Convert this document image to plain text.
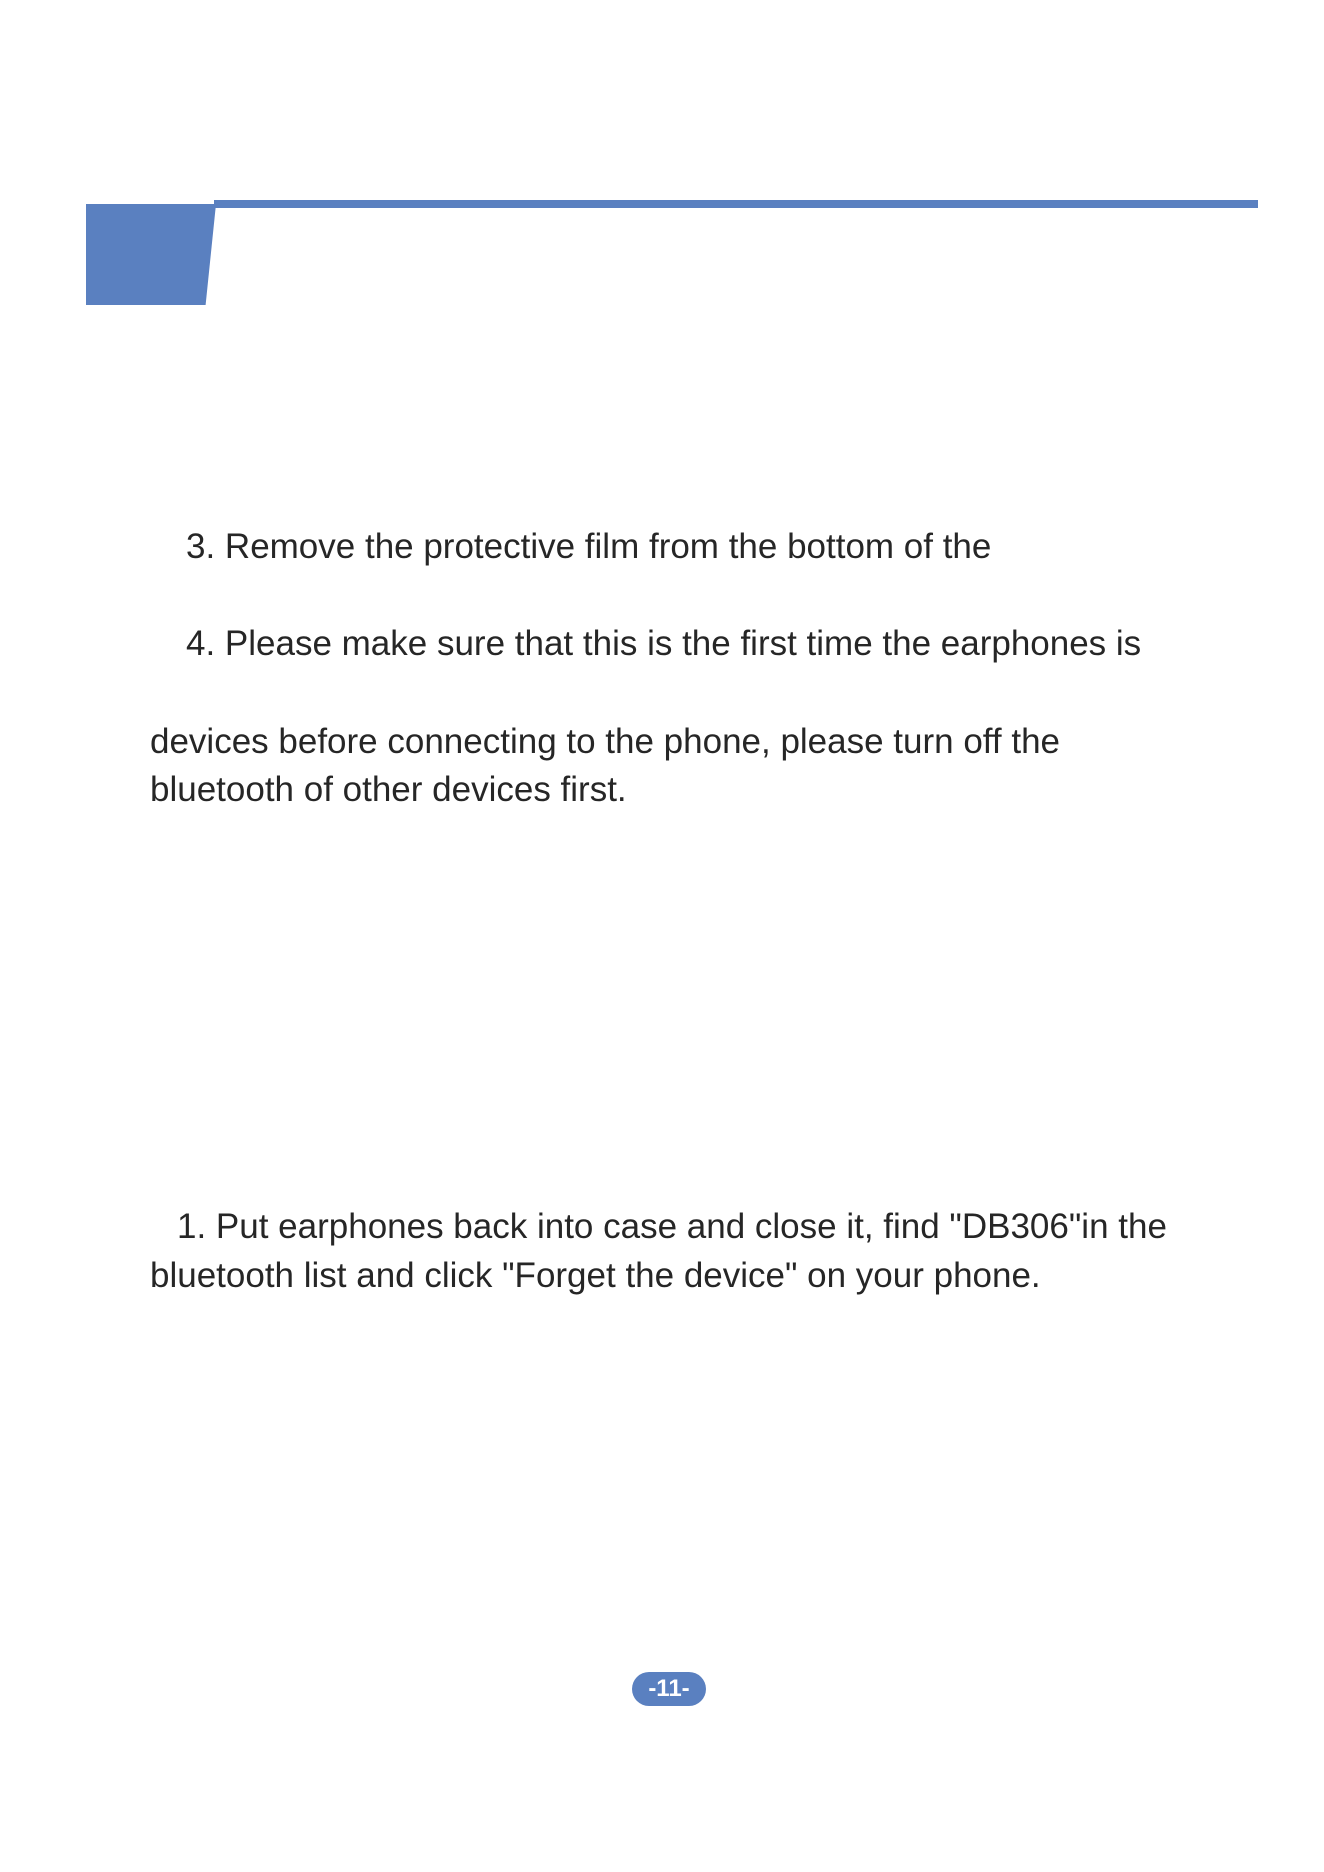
3. Remove the protective film from the bottom of the

4. Please make sure that this is the first time the earphones is

devices before connecting to the phone, please turn off the

bluetooth of other devices first.

1. Put earphones back into case and close it, find "DB306"in the

bluetooth list and click "Forget the device" on your phone.

-11-
